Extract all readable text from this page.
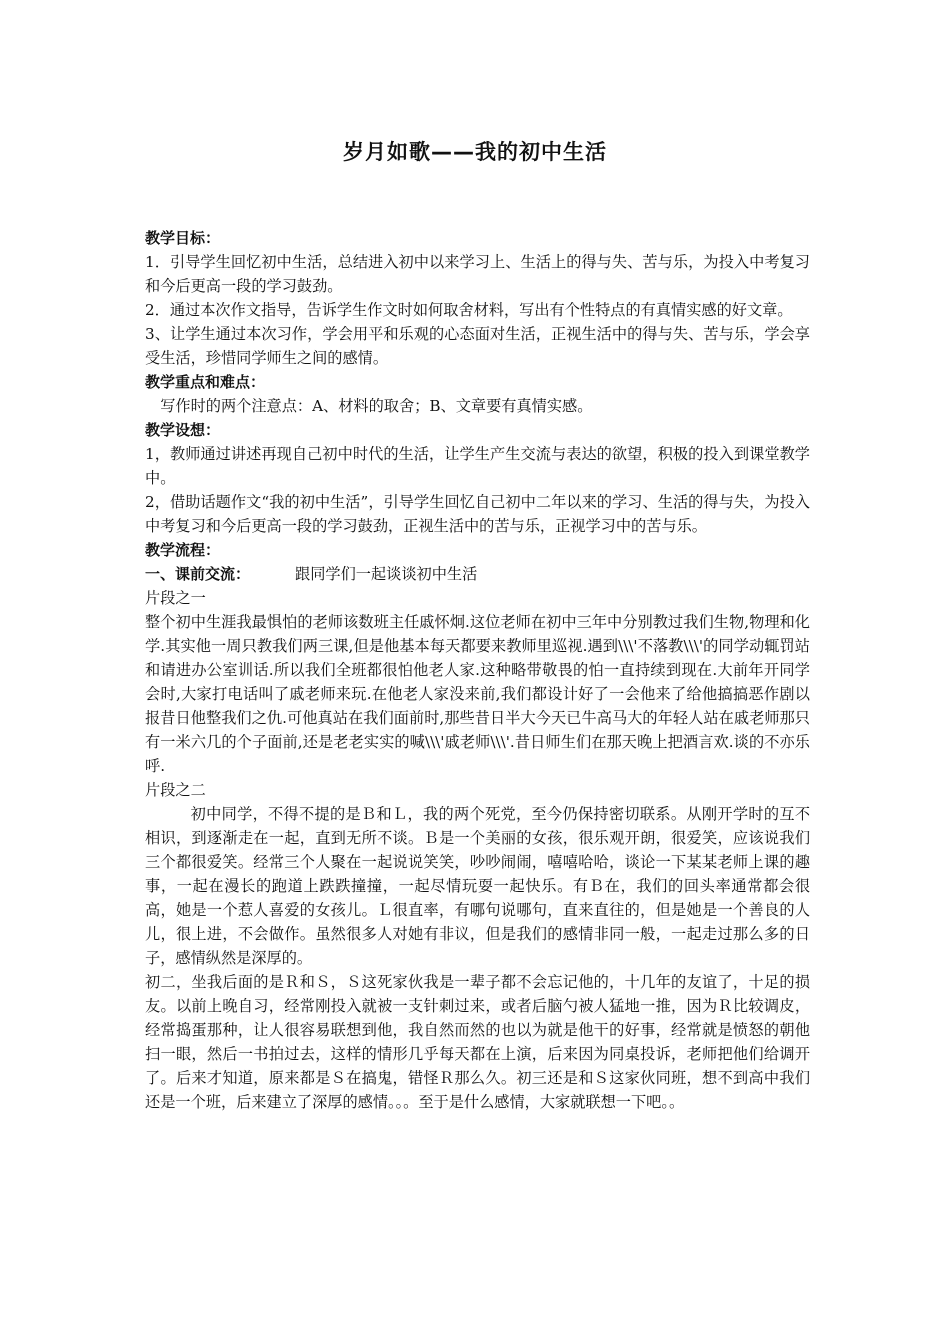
岁月如歌——我的初中生活

教学目标：

1．引导学生回忆初中生活，总结进入初中以来学习上、生活上的得与失、苦与乐，为投入中考复习和今后更高一段的学习鼓劲。

2．通过本次作文指导，告诉学生作文时如何取舍材料，写出有个性特点的有真情实感的好文章。

3、让学生通过本次习作，学会用平和乐观的心态面对生活，正视生活中的得与失、苦与乐，学会享受生活，珍惜同学师生之间的感情。

教学重点和难点：

写作时的两个注意点：A、材料的取舍；B、文章要有真情实感。

教学设想：

1，教师通过讲述再现自己初中时代的生活，让学生产生交流与表达的欲望，积极的投入到课堂教学中。

2，借助话题作文“我的初中生活”，引导学生回忆自己初中二年以来的学习、生活的得与失，为投入中考复习和今后更高一段的学习鼓劲，正视生活中的苦与乐，正视学习中的苦与乐。

教学流程：

一、课前交流：	跟同学们一起谈谈初中生活

片段之一

整个初中生涯我最惧怕的老师该数班主任戚怀炯.这位老师在初中三年中分别教过我们生物,物理和化学.其实他一周只教我们两三课,但是他基本每天都要来教师里巡视.遇到\\\'不落教\\\'的同学动辄罚站和请进办公室训话.所以我们全班都很怕他老人家.这种略带敬畏的怕一直持续到现在.大前年开同学会时,大家打电话叫了戚老师来玩.在他老人家没来前,我们都设计好了一会他来了给他搞搞恶作剧以报昔日他整我们之仇.可他真站在我们面前时,那些昔日半大今天已牛高马大的年轻人站在戚老师那只有一米六几的个子面前,还是老老实实的喊\\\'戚老师\\\'.昔日师生们在那天晚上把酒言欢.谈的不亦乐呼.

片段之二

初中同学，不得不提的是Ｂ和Ｌ，我的两个死党，至今仍保持密切联系。从刚开学时的互不相识，到逐渐走在一起，直到无所不谈。Ｂ是一个美丽的女孩，很乐观开朗，很爱笑，应该说我们三个都很爱笑。经常三个人聚在一起说说笑笑，吵吵闹闹，嘻嘻哈哈，谈论一下某某老师上课的趣事，一起在漫长的跑道上跌跌撞撞，一起尽情玩耍一起快乐。有Ｂ在，我们的回头率通常都会很高，她是一个惹人喜爱的女孩儿。Ｌ很直率，有哪句说哪句，直来直往的，但是她是一个善良的人儿，很上进，不会做作。虽然很多人对她有非议，但是我们的感情非同一般，一起走过那么多的日子，感情纵然是深厚的。

初二，坐我后面的是Ｒ和Ｓ，Ｓ这死家伙我是一辈子都不会忘记他的，十几年的友谊了，十足的损友。以前上晚自习，经常刚投入就被一支针刺过来，或者后脑勺被人猛地一推，因为Ｒ比较调皮，经常捣蛋那种，让人很容易联想到他，我自然而然的也以为就是他干的好事，经常就是愤怒的朝他扫一眼，然后一书拍过去，这样的情形几乎每天都在上演，后来因为同桌投诉，老师把他们给调开了。后来才知道，原来都是Ｓ在搞鬼，错怪Ｒ那么久。初三还是和Ｓ这家伙同班，想不到高中我们还是一个班，后来建立了深厚的感情。。。至于是什么感情，大家就联想一下吧。。
